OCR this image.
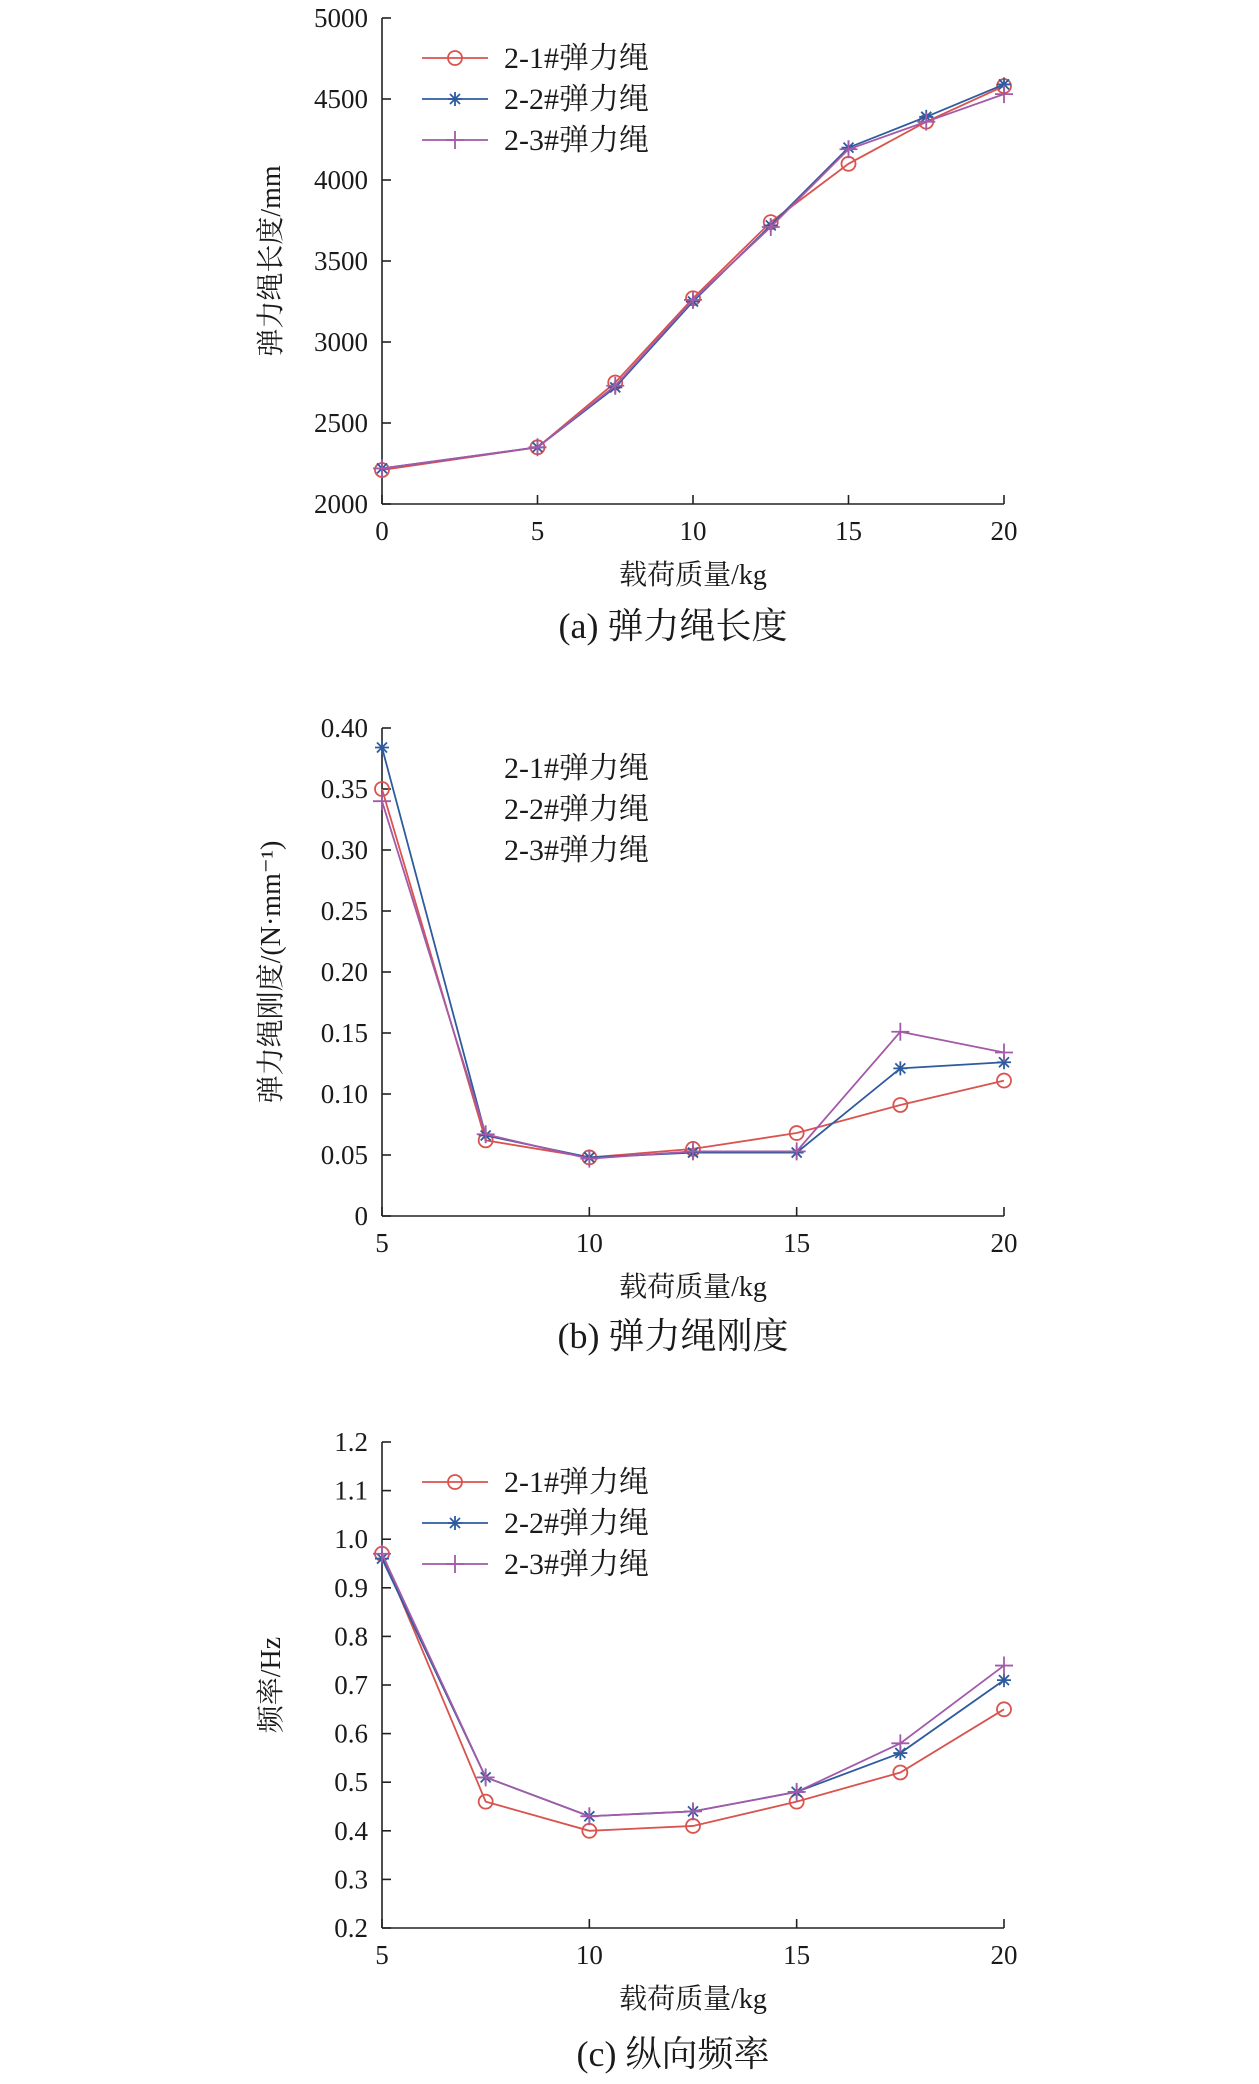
2000
2500
3000
3500
4000
4500
5000
0	5	10	15	20
载荷质量/kg
弹力绳长度/mm
(a) 弹力绳长度
2-1#弹力绳
2-2#弹力绳
2-3#弹力绳
0
0.05
0.10
0.15
0.20
0.25
0.30
0.35
0.40
5	10	15	20
载荷质量/kg
弹力绳刚度/(N·mm⁻¹)
(b) 弹力绳刚度
2-1#弹力绳
2-2#弹力绳
2-3#弹力绳
0.2
0.3
0.4
0.5
0.6
0.7
0.8
0.9
1.0
1.1
1.2
5	10	15	20
载荷质量/kg
频率/Hz
(c) 纵向频率
2-1#弹力绳
2-2#弹力绳
2-3#弹力绳
